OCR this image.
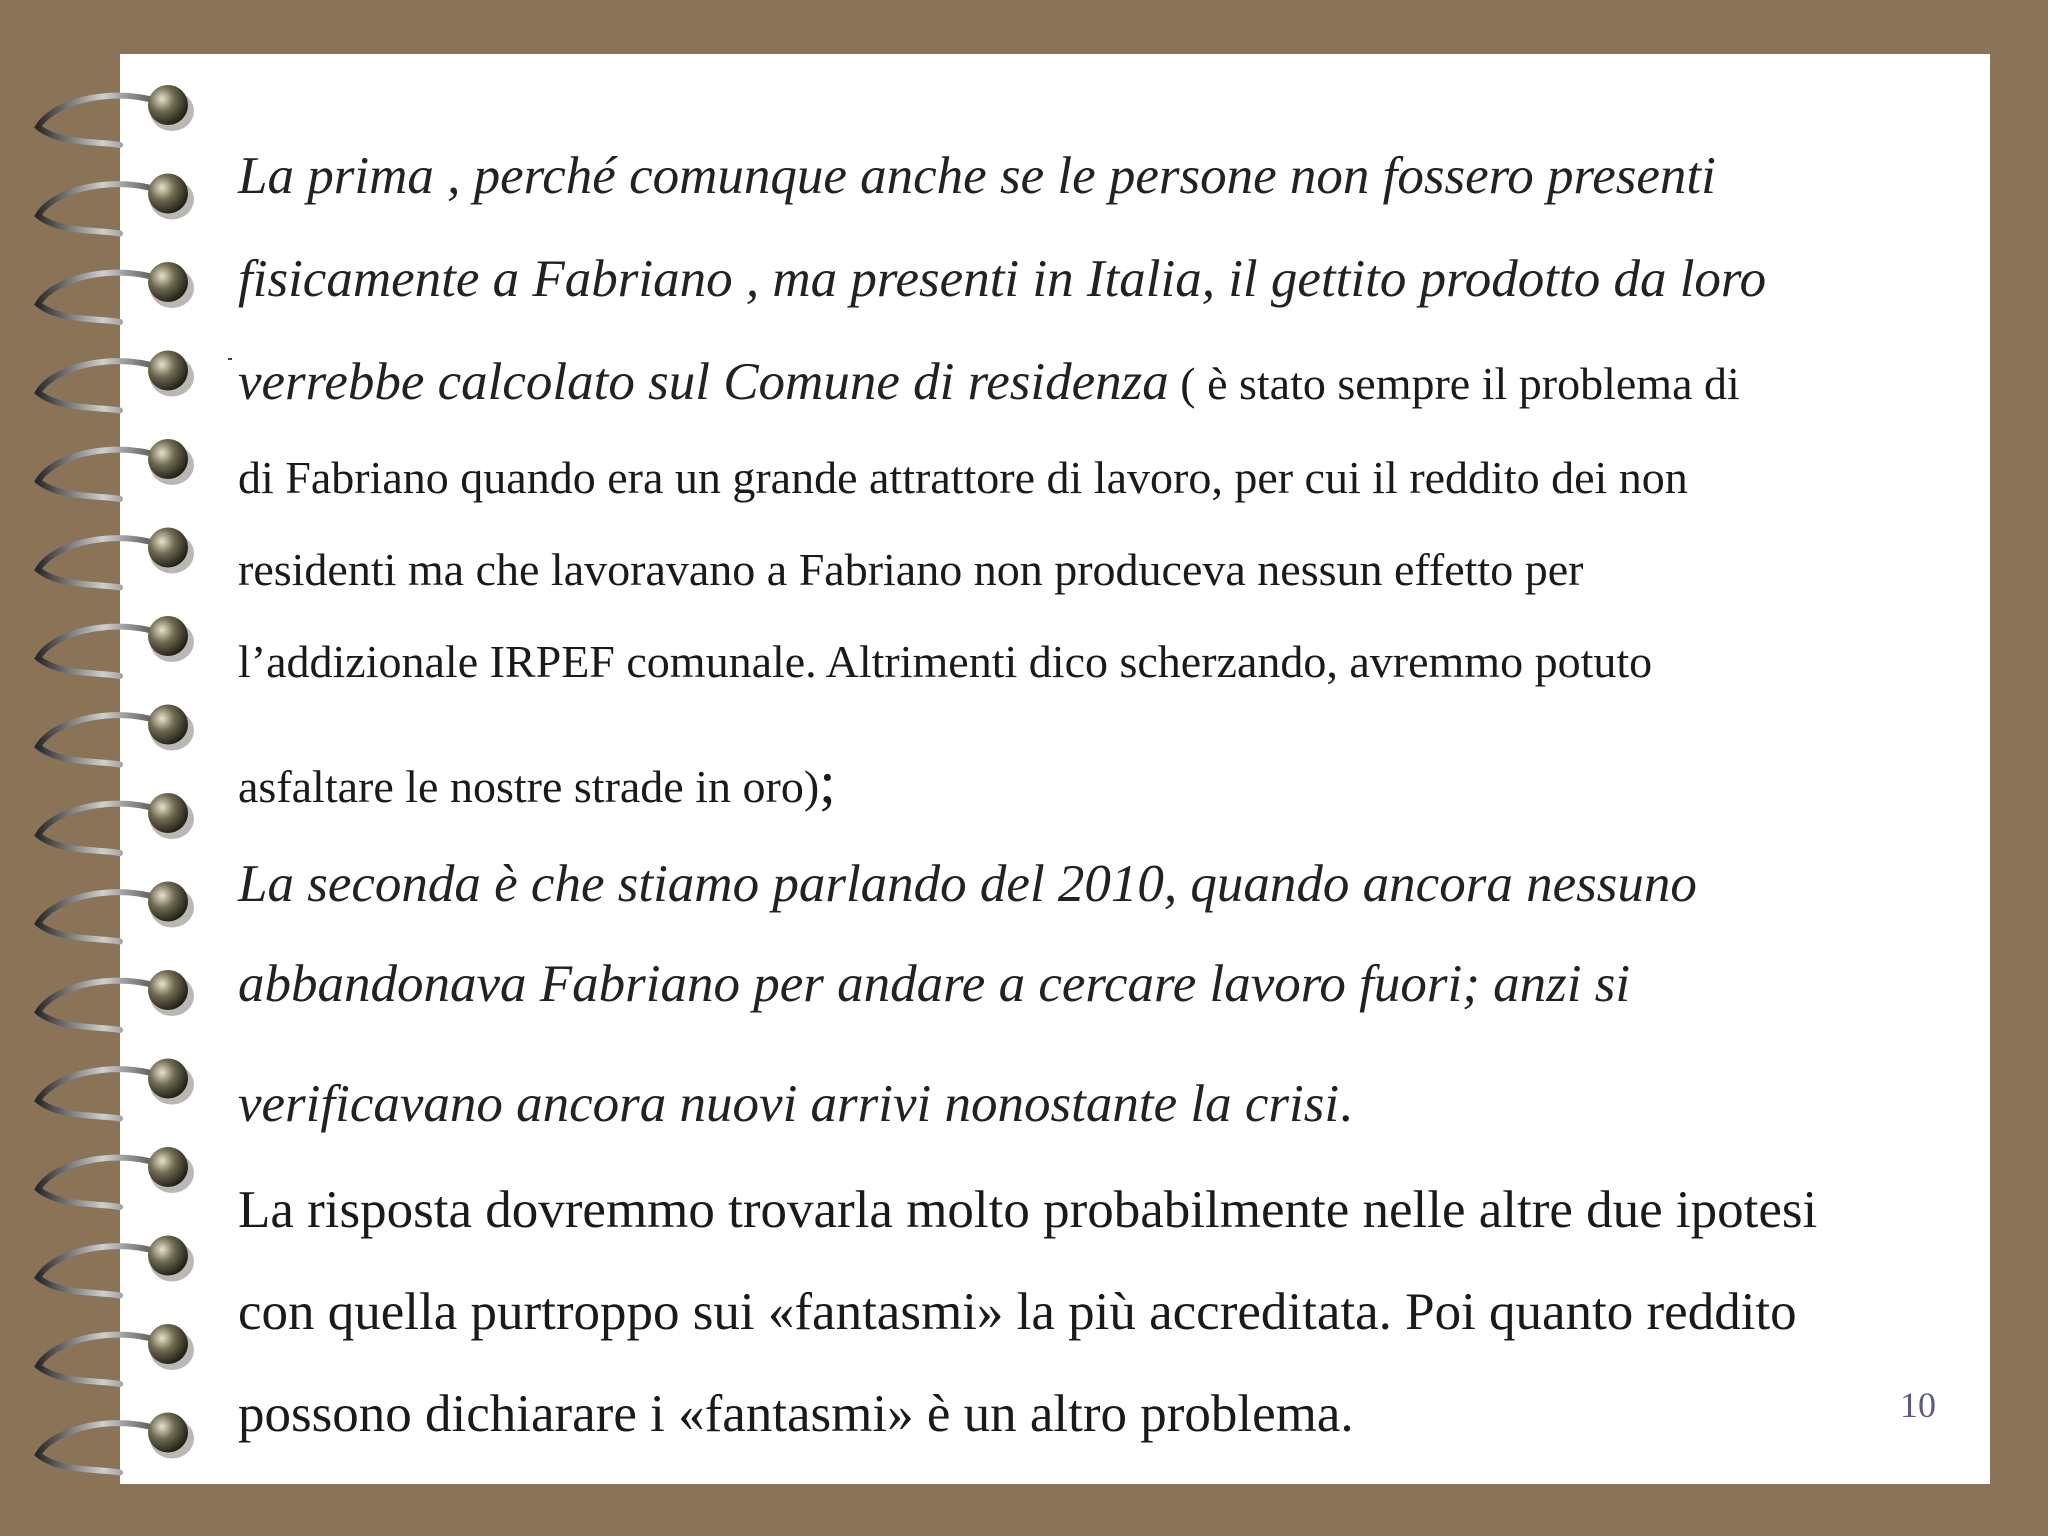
La prima , perché comunque anche se le persone non fossero presenti

fisicamente a Fabriano , ma presenti in Italia, il gettito prodotto da loro

verrebbe calcolato sul Comune di residenza ( è stato sempre il problema di

di Fabriano quando era un grande attrattore di lavoro, per cui il reddito dei non

residenti ma che lavoravano a Fabriano non produceva nessun effetto per

l’addizionale IRPEF comunale. Altrimenti dico scherzando, avremmo potuto

asfaltare le nostre strade in oro);

La seconda è che stiamo parlando del 2010, quando ancora nessuno

abbandonava Fabriano per andare a cercare lavoro fuori; anzi si

verificavano ancora nuovi arrivi nonostante la crisi.

La risposta dovremmo trovarla molto probabilmente nelle altre due ipotesi

con quella purtroppo sui «fantasmi» la più accreditata. Poi quanto reddito

possono dichiarare i «fantasmi» è un altro problema.	10
